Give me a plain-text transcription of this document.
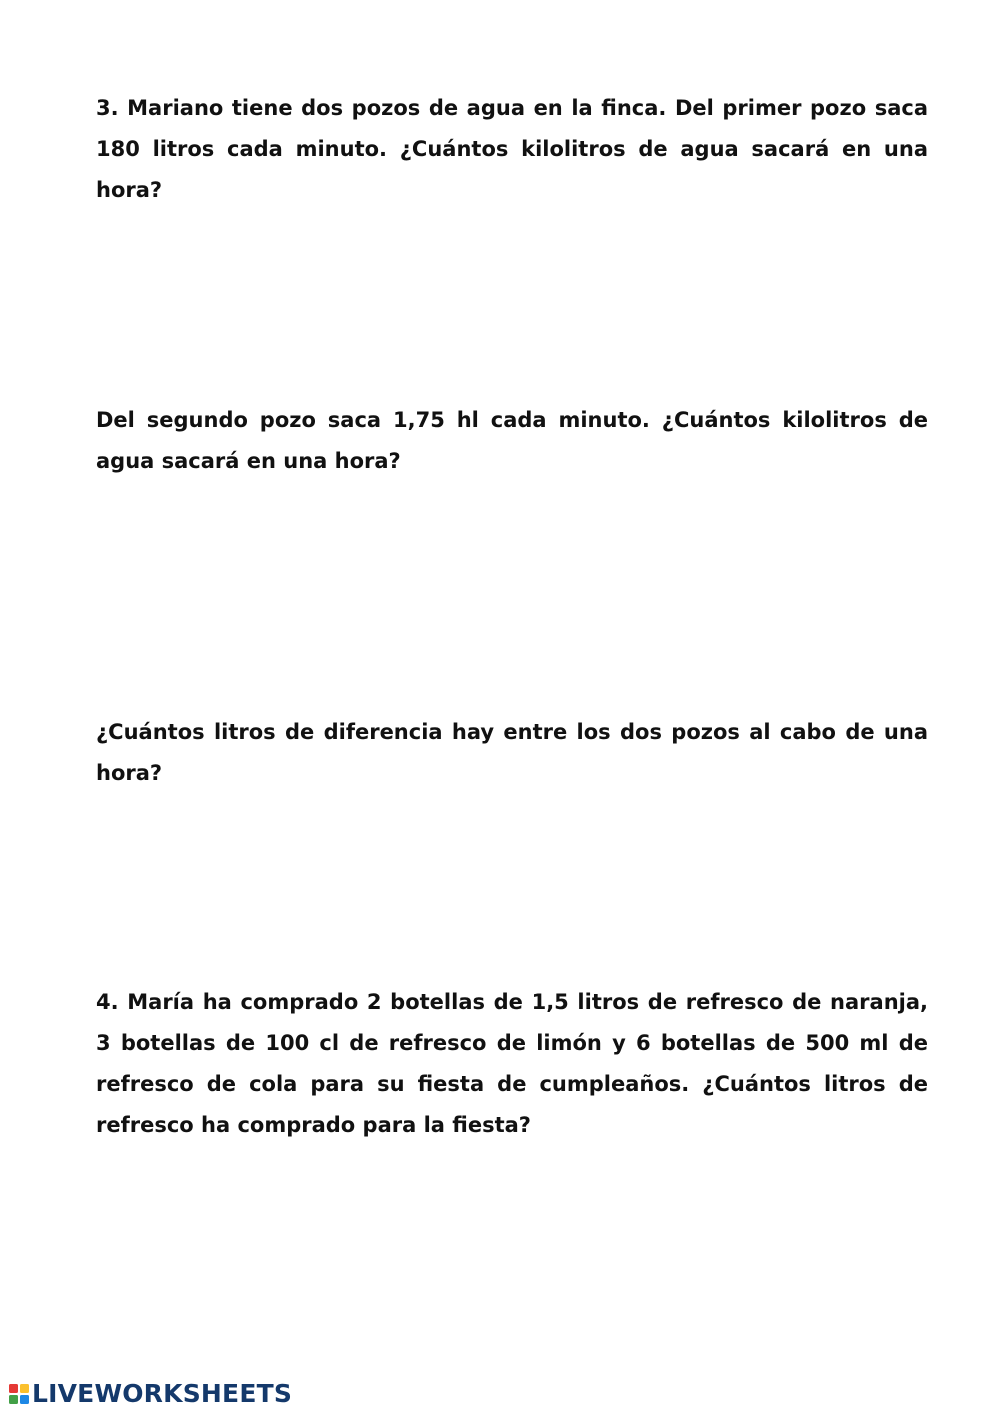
3. Mariano tiene dos pozos de agua en la finca. Del primer pozo saca 180 litros cada minuto. ¿Cuántos kilolitros de agua sacará en una hora?

Del segundo pozo saca 1,75 hl cada minuto. ¿Cuántos kilolitros de agua sacará en una hora?

¿Cuántos litros de diferencia hay entre los dos pozos al cabo de una hora?

4. María ha comprado 2 botellas de 1,5 litros de refresco de naranja, 3 botellas de 100 cl de refresco de limón y 6 botellas de 500 ml de refresco de cola para su fiesta de cumpleaños. ¿Cuántos litros de refresco ha comprado para la fiesta?

LIVEWORKSHEETS
